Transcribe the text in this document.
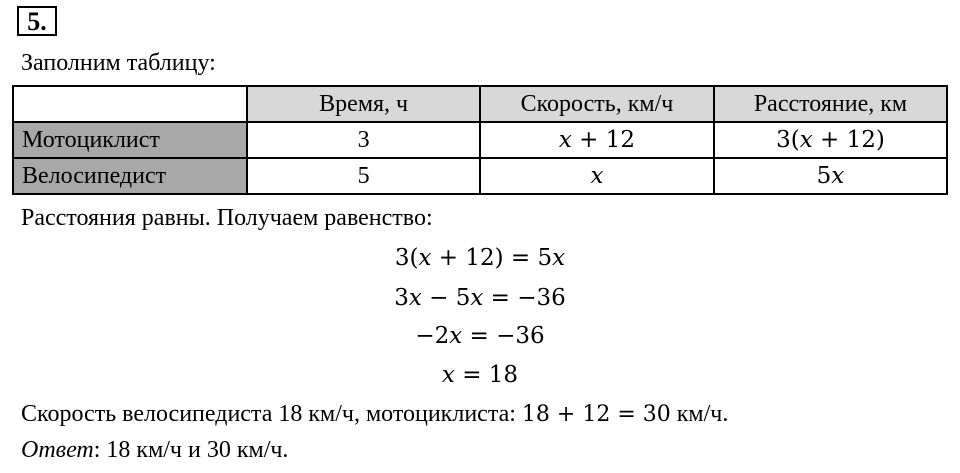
5.
Заполним таблицу:
	Время, ч	Скорость, км/ч	Расстояние, км
Мотоциклист	3	𝑥 + 12	3(𝑥 + 12)
Велосипедист	5	𝑥	5𝑥
Расстояния равны. Получаем равенство:
3(𝑥 + 12) = 5𝑥
3𝑥 − 5𝑥 = −36
−2𝑥 = −36
𝑥 = 18
Скорость велосипедиста 18 км/ч, мотоциклиста: 18 + 12 = 30 км/ч.
Ответ: 18 км/ч и 30 км/ч.
